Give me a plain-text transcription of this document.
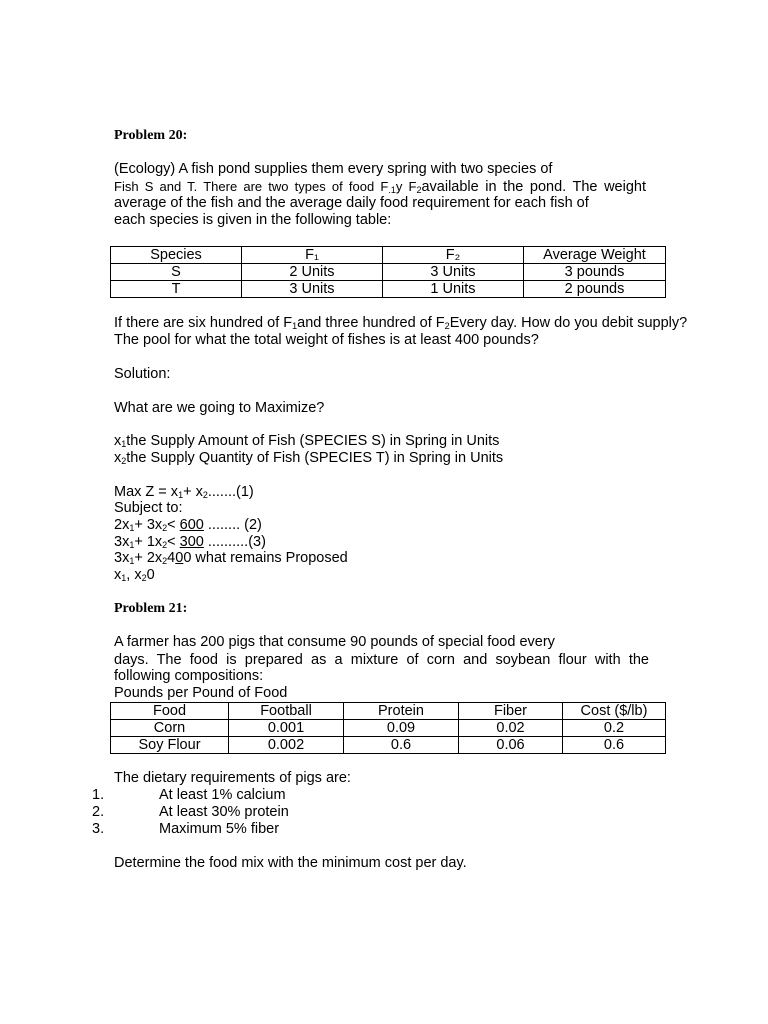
Problem 20:
(Ecology) A fish pond supplies them every spring with two species of
Fish S and T. There are two types of food $F_{.1}y$ $F_2available$ in the pond. The weight
average of the fish and the average daily food requirement for each fish of
each species is given in the following table:
Species	F₁	F₂	Average Weight
S	2 Units	3 Units	3 pounds
T	3 Units	1 Units	2 pounds
If there are six hundred of $F_1and$ three hundred of $F_2Every$ day. How do you debit supply?
The pool for what the total weight of fishes is at least 400 pounds?
Solution:
What are we going to Maximize?
$x_1the$ Supply Amount of Fish (SPECIES S) in Spring in Units
$x_2the$ Supply Quantity of Fish (SPECIES T) in Spring in Units
Max $Z = x_1+ x_2.......(1)$
Subject to:
$2x_1+ 3x_2< 600$ ........ (2)
$3x_1+ 1x_2< 300$ ..........(3)
$3x_1+ 2x_2400$ what remains Proposed
$x_1$, $x_20$
Problem 21:
A farmer has 200 pigs that consume 90 pounds of special food every
days. The food is prepared as a mixture of corn and soybean flour with the
following compositions:
Pounds per Pound of Food
Food	Football	Protein	Fiber	Cost ($/lb)
Corn	0.001	0.09	0.02	0.2
Soy Flour	0.002	0.6	0.06	0.6
The dietary requirements of pigs are:
1.	At least 1% calcium
2.	At least 30% protein
3.	Maximum 5% fiber
Determine the food mix with the minimum cost per day.
